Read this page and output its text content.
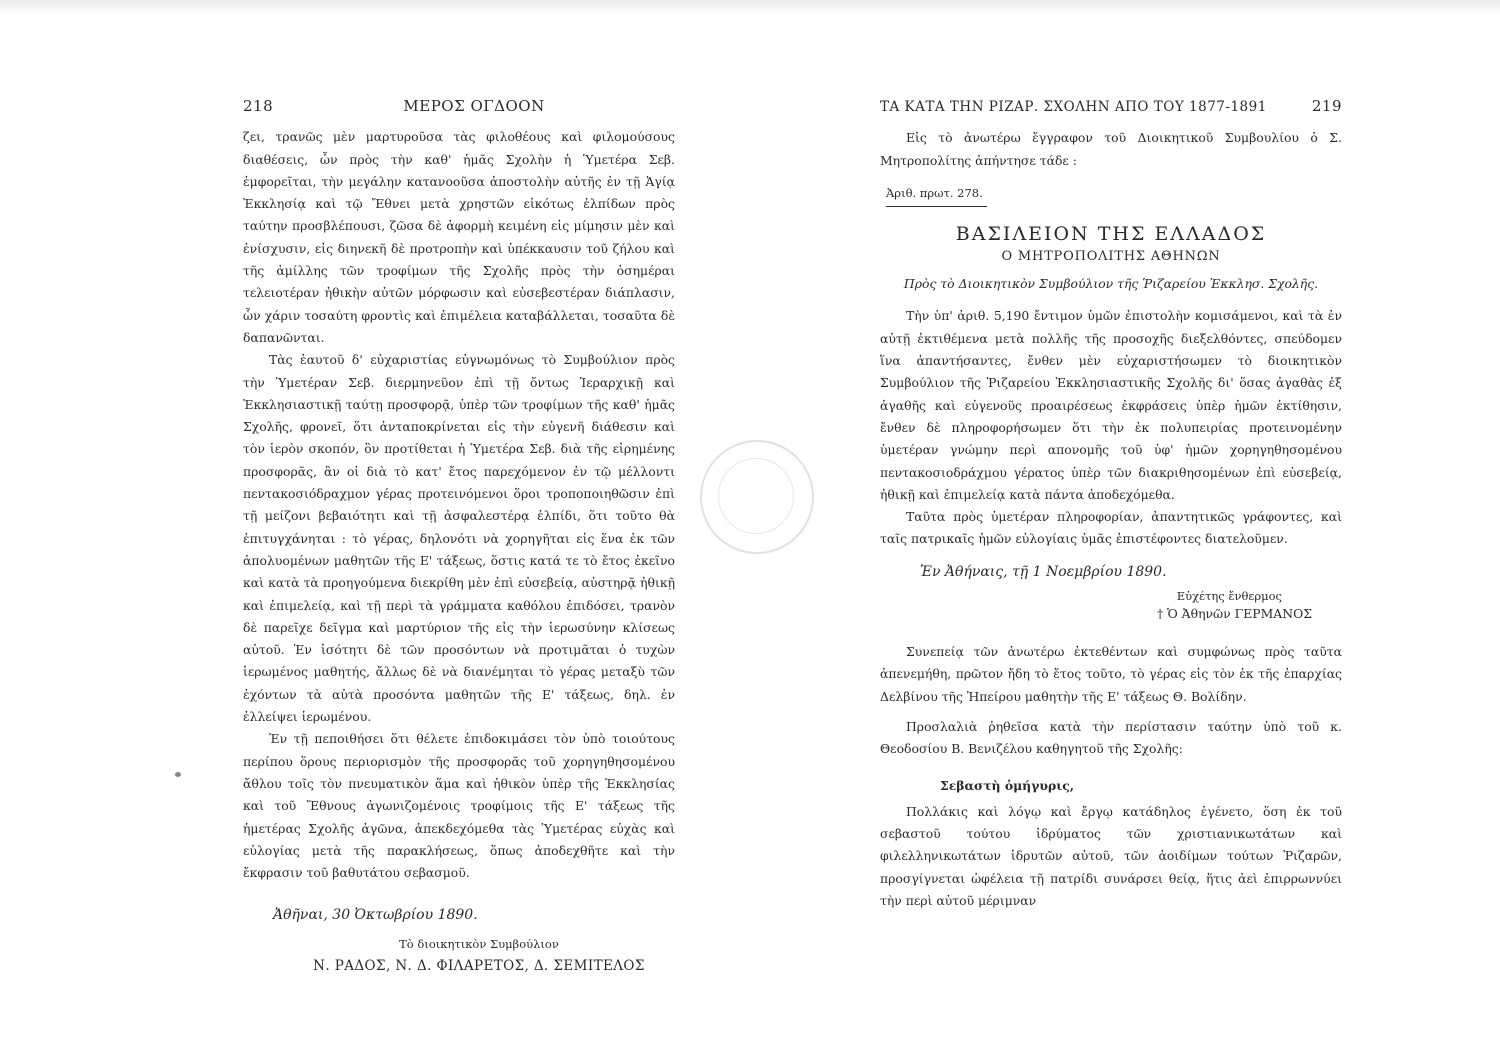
218	ΜΕΡΟΣ ΟΓΔΟΟΝ

ζει, τρανῶς μὲν μαρτυροῦσα τὰς φιλοθέους καὶ φιλομούσους διαθέσεις, ὧν πρὸς τὴν καθ' ἡμᾶς Σχολὴν ἡ Ὑμετέρα Σεβ. ἐμφορεῖται, τὴν μεγάλην κατανοοῦσα ἀποστολὴν αὐτῆς ἐν τῇ Ἁγίᾳ Ἐκκλησίᾳ καὶ τῷ Ἔθνει μετὰ χρηστῶν εἰκότως ἐλπίδων πρὸς ταύτην προσβλέπουσι, ζῶσα δὲ ἀφορμὴ κειμένη εἰς μίμησιν μὲν καὶ ἐνίσχυσιν, εἰς διηνεκῆ δὲ προτροπὴν καὶ ὑπέκκαυσιν τοῦ ζήλου καὶ τῆς ἁμίλλης τῶν τροφίμων τῆς Σχολῆς πρὸς τὴν ὁσημέραι τελειοτέραν ἠθικὴν αὐτῶν μόρφωσιν καὶ εὐσεβεστέραν διάπλασιν, ὧν χάριν τοσαύτη φροντὶς καὶ ἐπιμέλεια καταβάλλεται, τοσαῦτα δὲ δαπανῶνται.

Τὰς ἑαυτοῦ δ' εὐχαριστίας εὐγνωμόνως τὸ Συμβούλιον πρὸς τὴν Ὑμετέραν Σεβ. διερμηνεῦον ἐπὶ τῇ ὄντως Ἱεραρχικῇ καὶ Ἐκκλησιαστικῇ ταύτῃ προσφορᾷ, ὑπὲρ τῶν τροφίμων τῆς καθ' ἡμᾶς Σχολῆς, φρονεῖ, ὅτι ἀνταποκρίνεται εἰς τὴν εὐγενῆ διάθεσιν καὶ τὸν ἱερὸν σκοπόν, ὃν προτίθεται ἡ Ὑμετέρα Σεβ. διὰ τῆς εἰρημένης προσφορᾶς, ἂν οἱ διὰ τὸ κατ' ἔτος παρεχόμενον ἐν τῷ μέλλοντι πεντακοσιόδραχμον γέρας προτεινόμενοι ὅροι τροποποιηθῶσιν ἐπὶ τῇ μείζονι βεβαιότητι καὶ τῇ ἀσφαλεστέρᾳ ἐλπίδι, ὅτι τοῦτο θὰ ἐπιτυγχάνηται : τὸ γέρας, δηλονότι νὰ χορηγῆται εἰς ἕνα ἐκ τῶν ἀπολυομένων μαθητῶν τῆς Ε' τάξεως, ὅστις κατά τε τὸ ἔτος ἐκεῖνο καὶ κατὰ τὰ προηγούμενα διεκρίθη μὲν ἐπὶ εὐσεβείᾳ, αὐστηρᾷ ἠθικῇ καὶ ἐπιμελείᾳ, καὶ τῇ περὶ τὰ γράμματα καθόλου ἐπιδόσει, τρανὸν δὲ παρεῖχε δεῖγμα καὶ μαρτύριον τῆς εἰς τὴν ἱερωσύνην κλίσεως αὐτοῦ. Ἐν ἰσότητι δὲ τῶν προσόντων νὰ προτιμᾶται ὁ τυχὼν ἱερωμένος μαθητής, ἄλλως δὲ νὰ διανέμηται τὸ γέρας μεταξὺ τῶν ἐχόντων τὰ αὐτὰ προσόντα μαθητῶν τῆς Ε' τάξεως, δηλ. ἐν ἐλλείψει ἱερωμένου.

Ἐν τῇ πεποιθήσει ὅτι θέλετε ἐπιδοκιμάσει τὸν ὑπὸ τοιούτους περίπου ὅρους περιορισμὸν τῆς προσφορᾶς τοῦ χορηγηθησομένου ἄθλου τοῖς τὸν πνευματικὸν ἅμα καὶ ἠθικὸν ὑπὲρ τῆς Ἐκκλησίας καὶ τοῦ Ἔθνους ἀγωνιζομένοις τροφίμοις τῆς Ε' τάξεως τῆς ἡμετέρας Σχολῆς ἀγῶνα, ἀπεκδεχόμεθα τὰς Ὑμετέρας εὐχὰς καὶ εὐλογίας μετὰ τῆς παρακλήσεως, ὅπως ἀποδεχθῆτε καὶ τὴν ἔκφρασιν τοῦ βαθυτάτου σεβασμοῦ.

Ἀθῆναι, 30 Ὀκτωβρίου 1890.
Τὸ διοικητικὸν Συμβούλιον
Ν. ΡΑΔΟΣ, Ν. Δ. ΦΙΛΑΡΕΤΟΣ, Δ. ΣΕΜΙΤΕΛΟΣ
ΤΑ ΚΑΤΑ ΤΗΝ ΡΙΖΑΡ. ΣΧΟΛΗΝ ΑΠΟ ΤΟΥ 1877-1891	219

Εἰς τὸ ἀνωτέρω ἔγγραφον τοῦ Διοικητικοῦ Συμβουλίου ὁ Σ. Μητροπολίτης ἀπήντησε τάδε :

Ἀριθ. πρωτ. 278.
ΒΑΣΙΛΕΙΟΝ ΤΗΣ ΕΛΛΑΔΟΣ
Ο ΜΗΤΡΟΠΟΛΙΤΗΣ ΑΘΗΝΩΝ
Πρὸς τὸ Διοικητικὸν Συμβούλιον τῆς Ῥιζαρείου Ἐκκλησ. Σχολῆς.

Τὴν ὑπ' ἀριθ. 5,190 ἔντιμον ὑμῶν ἐπιστολὴν κομισάμενοι, καὶ τὰ ἐν αὐτῇ ἐκτιθέμενα μετὰ πολλῆς τῆς προσοχῆς διεξελθόντες, σπεύδομεν ἵνα ἀπαντήσαντες, ἔνθεν μὲν εὐχαριστήσωμεν τὸ διοικητικὸν Συμβούλιον τῆς Ῥιζαρείου Ἐκκλησιαστικῆς Σχολῆς δι' ὅσας ἀγαθὰς ἐξ ἀγαθῆς καὶ εὐγενοῦς προαιρέσεως ἐκφράσεις ὑπὲρ ἡμῶν ἐκτίθησιν, ἔνθεν δὲ πληροφορήσωμεν ὅτι τὴν ἐκ πολυπειρίας προτεινομένην ὑμετέραν γνώμην περὶ απονομῆς τοῦ ὑφ' ἡμῶν χορηγηθησομένου πεντακοσιοδράχμου γέρατος ὑπὲρ τῶν διακριθησομένων ἐπὶ εὐσεβείᾳ, ἠθικῇ καὶ ἐπιμελείᾳ κατὰ πάντα ἀποδεχόμεθα.

Ταῦτα πρὸς ὑμετέραν πληροφορίαν, ἀπαντητικῶς γράφοντες, καὶ ταῖς πατρικαῖς ἡμῶν εὐλογίαις ὑμᾶς ἐπιστέφοντες διατελοῦμεν.

Ἐν Ἀθήναις, τῇ 1 Νοεμβρίου 1890.
Εὐχέτης ἔνθερμος
† Ὁ Ἀθηνῶν ΓΕΡΜΑΝΟΣ

Συνεπείᾳ τῶν ἀνωτέρω ἐκτεθέντων καὶ συμφώνως πρὸς ταῦτα ἀπενεμήθη, πρῶτον ἤδη τὸ ἔτος τοῦτο, τὸ γέρας εἰς τὸν ἐκ τῆς ἐπαρχίας Δελβίνου τῆς Ἠπείρου μαθητὴν τῆς Ε' τάξεως Θ. Βολίδην.

Προσλαλιὰ ῥηθεῖσα κατὰ τὴν περίστασιν ταύτην ὑπὸ τοῦ κ. Θεοδοσίου Β. Βενιζέλου καθηγητοῦ τῆς Σχολῆς:

Σεβαστὴ ὁμήγυρις,

Πολλάκις καὶ λόγῳ καὶ ἔργῳ κατάδηλος ἐγένετο, ὅση ἐκ τοῦ σεβαστοῦ τούτου ἱδρύματος τῶν χριστιανικωτάτων καὶ φιλελληνικωτάτων ἱδρυτῶν αὐτοῦ, τῶν ἀοιδίμων τούτων Ῥιζαρῶν, προσγίγνεται ὠφέλεια τῇ πατρίδι συνάρσει θείᾳ, ἥτις ἀεὶ ἐπιρρωννύει τὴν περὶ αὐτοῦ μέριμναν
